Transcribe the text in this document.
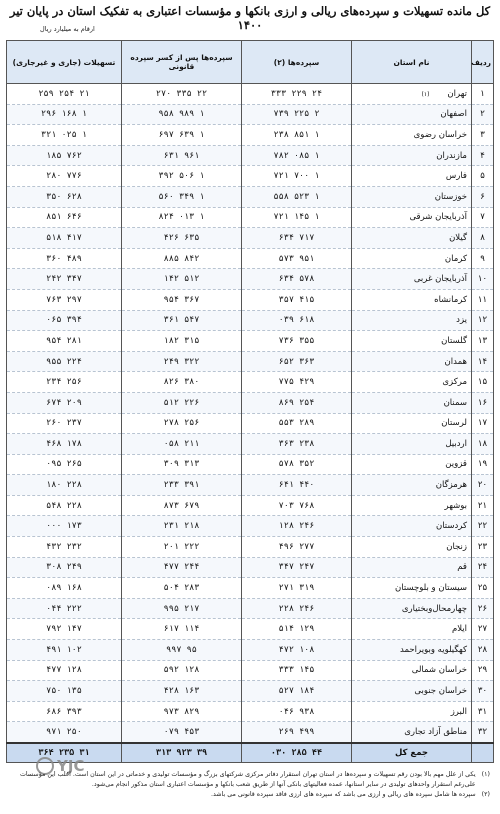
کل مانده تسهیلات و سپرده‌های ریالی و ارزی بانکها و مؤسسات اعتباری به تفکیک استان در پایان تیر ۱۴۰۰
ارقام به میلیارد ریال
ردیف	نام استان	سپرده‌ها (۲)	سپرده‌ها پس از کسر سپرده قانونی	تسهیلات (جاری و غیرجاری)
۱	تهران(۱)	۲۴ ۲۲۹ ۳۳۳	۲۲ ۳۳۵ ۲۷۰	۲۱ ۲۵۴ ۲۵۹
۲	اصفهان	۲ ۲۲۵ ۷۳۹	۱ ۹۸۹ ۹۵۸	۱ ۱۶۸ ۲۹۶
۳	خراسان رضوی	۱ ۸۵۱ ۲۳۸	۱ ۶۳۹ ۶۹۷	۱ ۰۲۵ ۳۲۱
۴	مازندران	۱ ۰۸۵ ۷۸۲	۹۶۱ ۶۳۱	۷۶۲ ۱۸۵
۵	فارس	۱ ۷۰۰ ۷۲۱	۱ ۵۰۶ ۳۹۲	۷۷۶ ۲۸۰
۶	خوزستان	۱ ۵۲۳ ۵۵۸	۱ ۳۴۹ ۵۶۰	۶۲۸ ۳۵۰
۷	آذربایجان شرقی	۱ ۱۴۵ ۷۲۱	۱ ۰۱۳ ۸۲۴	۶۴۶ ۸۵۱
۸	گیلان	۷۱۷ ۶۳۴	۶۳۵ ۴۲۶	۴۱۷ ۵۱۸
۹	کرمان	۹۵۱ ۵۷۳	۸۴۲ ۸۸۵	۴۸۹ ۳۶۰
۱۰	آذربایجان غربی	۵۷۸ ۶۳۴	۵۱۲ ۱۴۲	۳۴۷ ۲۴۲
۱۱	کرمانشاه	۴۱۵ ۳۵۷	۳۶۷ ۹۵۴	۲۹۷ ۷۶۳
۱۲	یزد	۶۱۸ ۰۳۹	۵۴۷ ۳۶۱	۳۹۴ ۰۶۵
۱۳	گلستان	۳۵۵ ۷۳۶	۳۱۵ ۱۸۲	۲۸۱ ۹۵۴
۱۴	همدان	۳۶۳ ۶۵۲	۳۲۲ ۲۴۹	۲۲۴ ۹۵۵
۱۵	مرکزی	۴۲۹ ۷۷۵	۳۸۰ ۸۲۶	۲۵۶ ۲۳۴
۱۶	سمنان	۲۵۴ ۸۶۹	۲۲۶ ۵۱۲	۲۰۹ ۶۷۴
۱۷	لرستان	۲۸۹ ۵۵۳	۲۵۶ ۲۷۸	۲۳۷ ۲۶۰
۱۸	اردبیل	۲۳۸ ۳۶۳	۲۱۱ ۰۵۸	۱۷۸ ۴۶۸
۱۹	قزوین	۳۵۲ ۵۷۸	۳۱۳ ۳۰۹	۲۶۵ ۰۹۵
۲۰	هرمزگان	۴۴۰ ۶۴۱	۳۹۱ ۲۳۳	۲۲۸ ۱۸۰
۲۱	بوشهر	۷۶۸ ۷۰۳	۶۷۹ ۸۷۳	۲۲۸ ۵۴۸
۲۲	کردستان	۲۴۶ ۱۲۸	۲۱۸ ۲۳۱	۱۷۳ ۰۰۰
۲۳	زنجان	۲۷۷ ۴۹۶	۲۲۲ ۲۰۱	۲۳۲ ۴۳۲
۲۴	قم	۲۴۷ ۳۴۷	۲۴۴ ۴۷۷	۲۴۹ ۳۰۸
۲۵	سیستان و بلوچستان	۳۱۹ ۲۷۱	۲۸۳ ۵۰۴	۱۶۸ ۰۸۹
۲۶	چهارمحال‌وبختیاری	۲۴۶ ۲۲۸	۲۱۷ ۹۹۵	۲۲۲ ۰۴۴
۲۷	ایلام	۱۲۹ ۵۱۴	۱۱۴ ۶۱۷	۱۴۷ ۷۹۲
۲۸	کهگیلویه وبویراحمد	۱۰۸ ۴۷۲	۹۵ ۹۹۷	۱۰۲ ۴۹۱
۲۹	خراسان شمالی	۱۴۵ ۳۳۳	۱۲۸ ۵۹۲	۱۲۸ ۴۷۷
۳۰	خراسان جنوبی	۱۸۴ ۵۲۷	۱۶۳ ۴۲۸	۱۳۵ ۷۵۰
۳۱	البرز	۹۳۸ ۰۴۶	۸۲۹ ۹۷۳	۳۹۳ ۶۸۶
۳۲	مناطق آزاد تجاری	۴۹۹ ۲۶۹	۴۵۳ ۰۷۹	۲۵۰ ۹۷۱
	جمع کل	۴۴ ۲۸۵ ۰۳۰	۳۹ ۹۲۳ ۳۱۳	۳۱ ۲۳۵ ۳۶۴
YJC	(۱)
یکی از علل مهم بالا بودن رقم تسهیلات و سپرده‌ها در استان تهران استقرار دفاتر مرکزی شرکتهای بزرگ و مؤسسات تولیدی و خدماتی در این استان است. اغلب این مؤسسات علی‌رغم استقرار واحدهای تولیدی در سایر استانها، عمده فعالیتهای بانکی آنها از طریق شعب بانکها و مؤسسات اعتباری استان مذکور انجام می‌شود.
(۲)
سپرده ها شامل سپرده های ریالی و ارزی می باشد که سپرده های ارزی فاقد سپرده قانونی می باشد.
